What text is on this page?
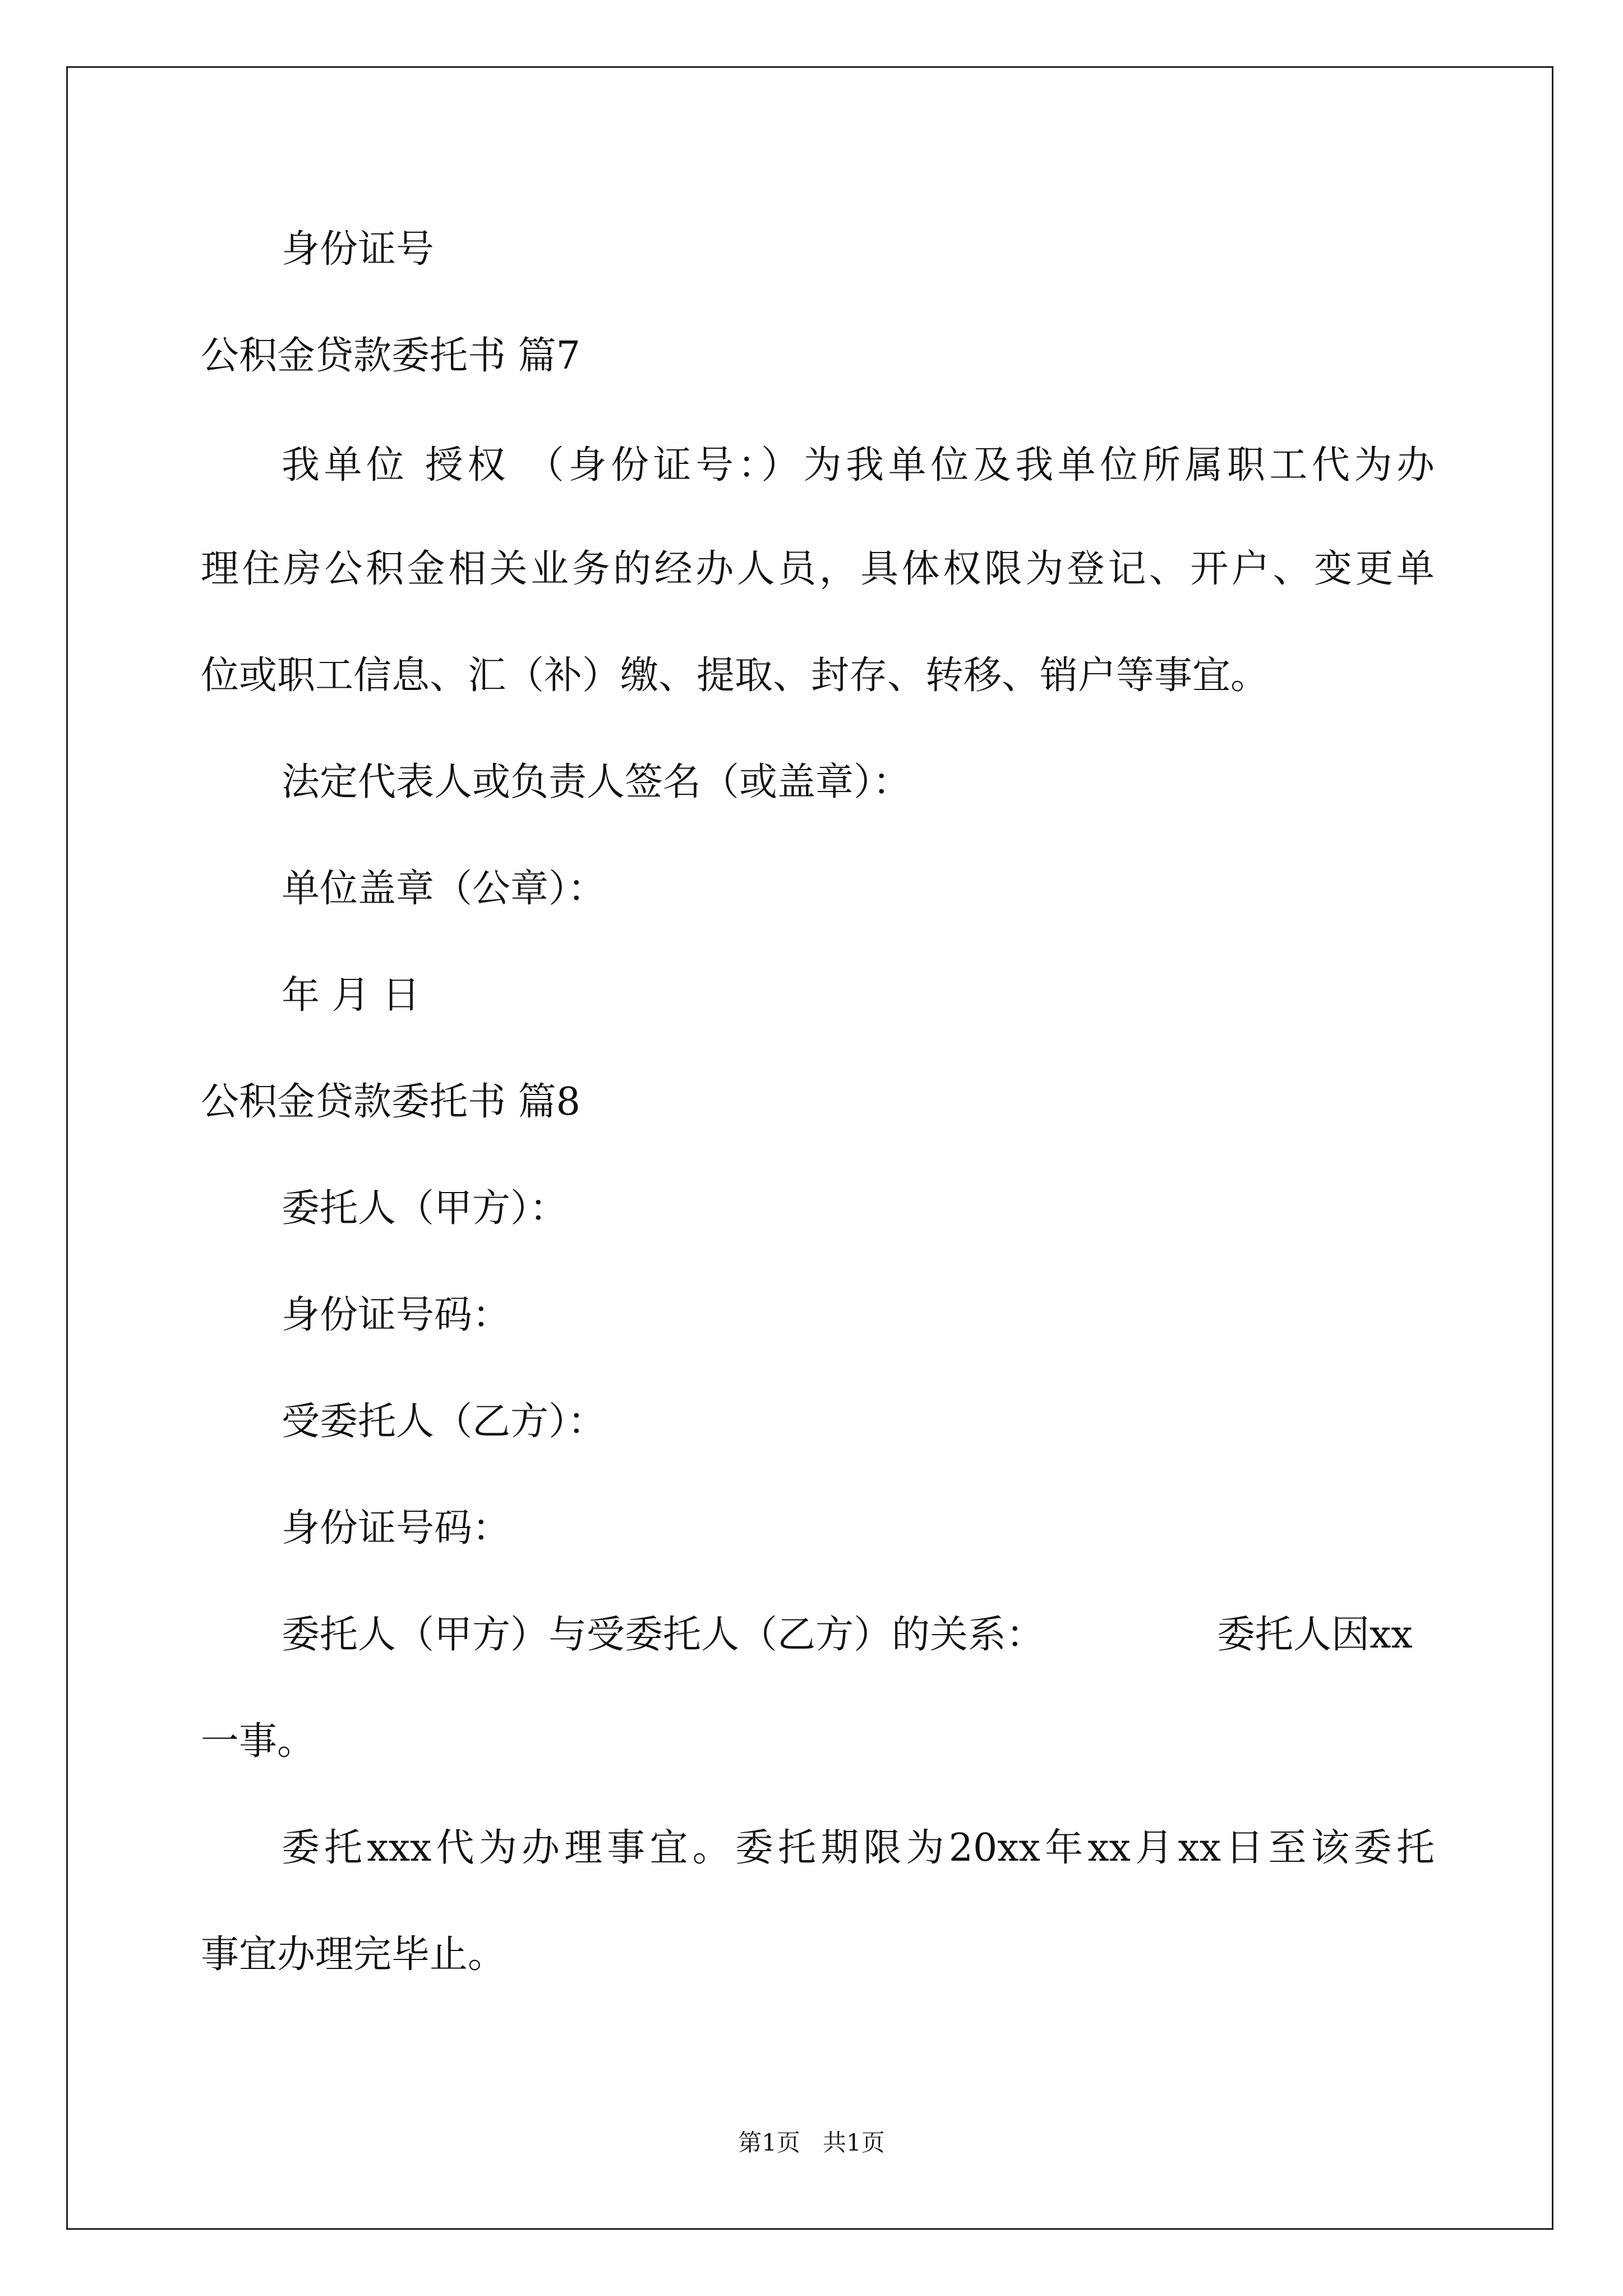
身份证号
公积金贷款委托书 篇7
我单位 授权 （身份证号：）为我单位及我单位所属职工代为办
理住房公积金相关业务的经办人员，具体权限为登记、开户、变更单
位或职工信息、汇（补）缴、提取、封存、转移、销户等事宜。
法定代表人或负责人签名（或盖章）：
单位盖章（公章）：
年 月 日
公积金贷款委托书 篇8
委托人（甲方）：
身份证号码：
受委托人（乙方）：
身份证号码：
委托人（甲方）与受委托人（乙方）的关系：	委托人因xx
一事。
委托xxx代为办理事宜。委托期限为20xx年xx月xx日至该委托
事宜办理完毕止。
第1页   共1页
